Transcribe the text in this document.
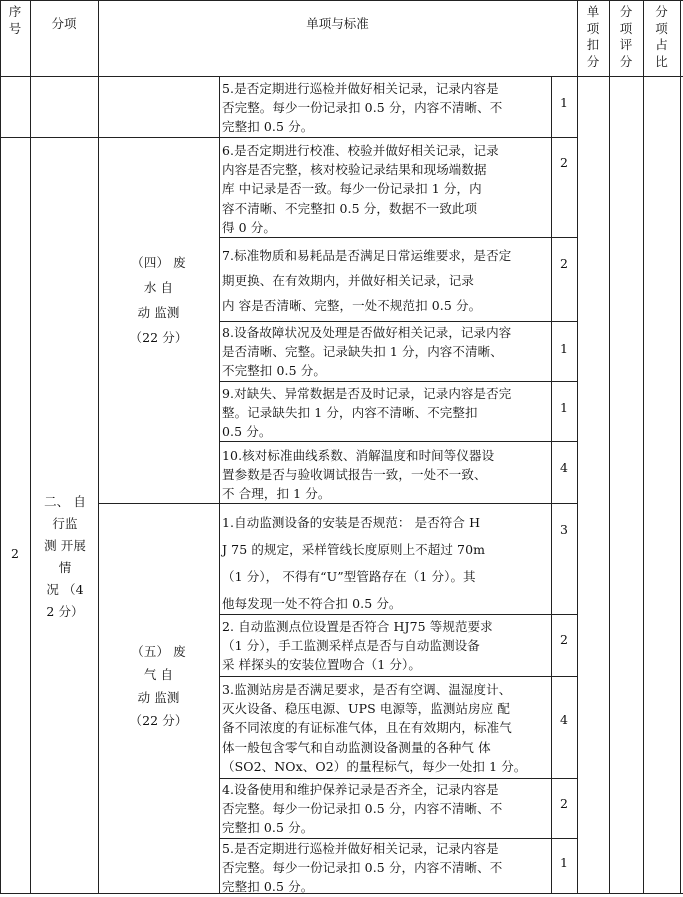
序
号	分项	单项与标准
单
项
扣
分
分
项
评
分
分
项
占
比
2
二、 自
行监
测 开展
情
况 （4
2 分）
（四） 废
水 自
动 监测
（22 分）
（五） 废
气 自
动 监测
（22 分）
5.是否定期进行巡检并做好相关记录，记录内容是
否完整。每少一份记录扣 0.5 分，内容不清晰、不
完整扣 0.5 分。
1
6.是否定期进行校准、校验并做好相关记录，记录
内容是否完整，核对校验记录结果和现场端数据
库 中记录是否一致。每少一份记录扣 1 分，内
容不清晰、不完整扣 0.5 分，数据不一致此项
得 0 分。
2
7.标准物质和易耗品是否满足日常运维要求，是否定
期更换、在有效期内，并做好相关记录，记录
内 容是否清晰、完整，一处不规范扣 0.5 分。
2
8.设备故障状况及处理是否做好相关记录，记录内容
是否清晰、完整。记录缺失扣 1 分，内容不清晰、
不完整扣 0.5 分。
1
9.对缺失、异常数据是否及时记录，记录内容是否完
整。记录缺失扣 1 分，内容不清晰、不完整扣
0.5 分。
1
10.核对标准曲线系数、消解温度和时间等仪器设
置参数是否与验收调试报告一致，一处不一致、
不 合理，扣 1 分。
4
1.自动监测设备的安装是否规范： 是否符合 H
J 75 的规定，采样管线长度原则上不超过 70m
（1 分）， 不得有“U”型管路存在（1 分）。其
他每发现一处不符合扣 0.5 分。
3
2. 自动监测点位设置是否符合 HJ75 等规范要求
（1 分），手工监测采样点是否与自动监测设备
采 样探头的安装位置吻合（1 分）。
2
3.监测站房是否满足要求，是否有空调、温湿度计、
灭火设备、稳压电源、UPS 电源等，监测站房应 配
备不同浓度的有证标准气体，且在有效期内，标准气
体一般包含零气和自动监测设备测量的各种气 体
（SO2、NOx、O2）的量程标气，每少一处扣 1 分。
4
4.设备使用和维护保养记录是否齐全，记录内容是
否完整。每少一份记录扣 0.5 分，内容不清晰、不
完整扣 0.5 分。
2
5.是否定期进行巡检并做好相关记录，记录内容是
否完整。每少一份记录扣 0.5 分，内容不清晰、不
完整扣 0.5 分。
1
